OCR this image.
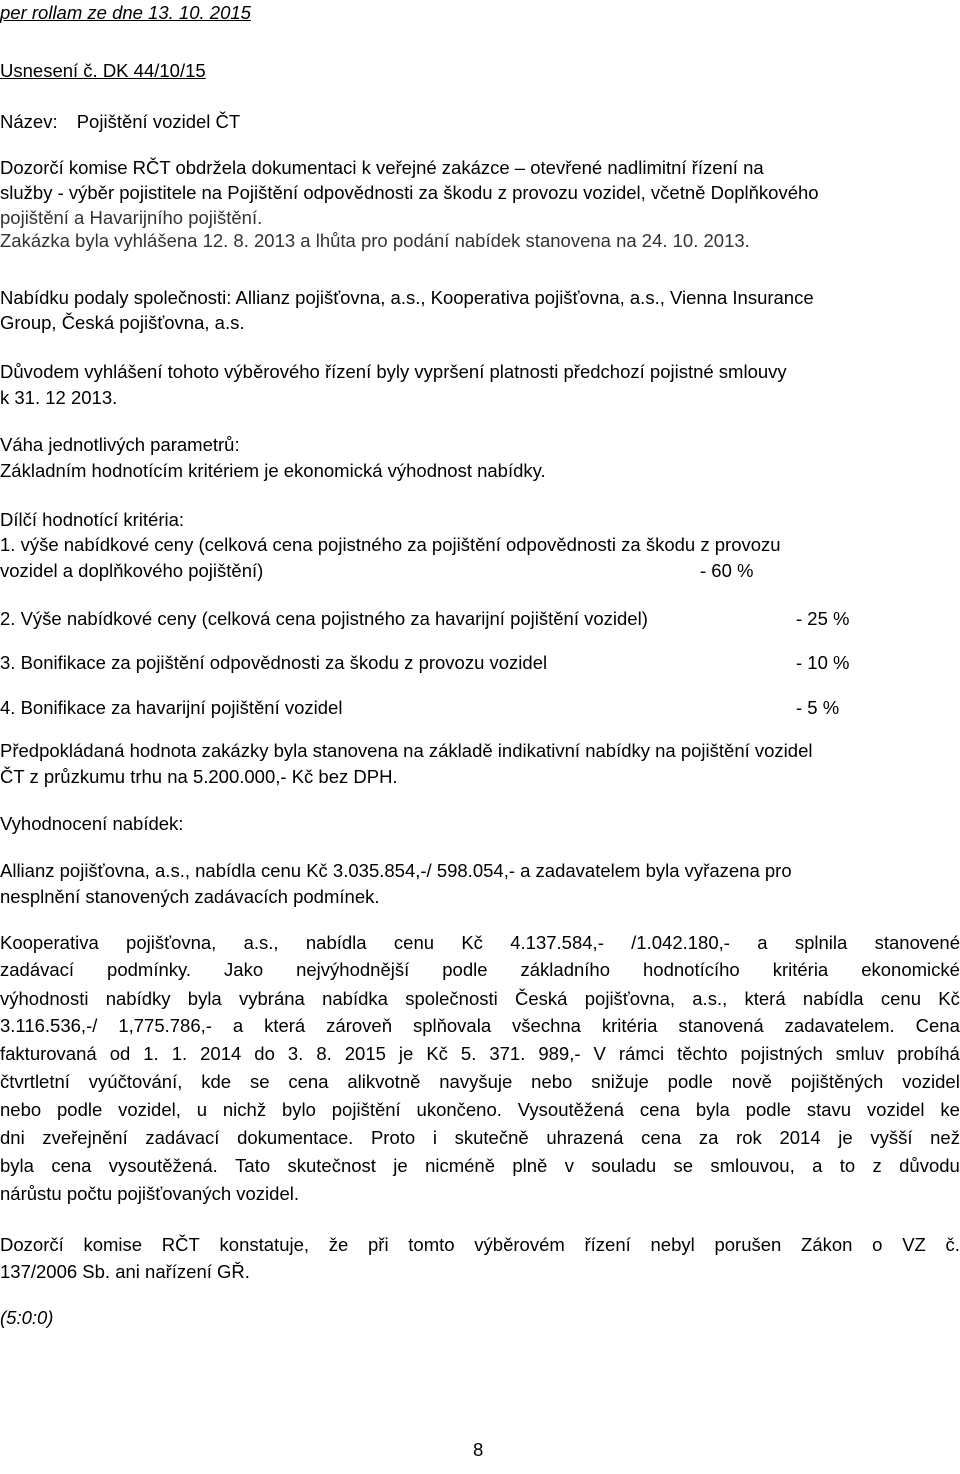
per rollam ze dne 13. 10. 2015
Usnesení č. DK 44/10/15
Název: Pojištění vozidel ČT
Dozorčí komise RČT obdržela dokumentaci k veřejné zakázce – otevřené nadlimitní řízení na
služby - výběr pojistitele na Pojištění odpovědnosti za škodu z provozu vozidel, včetně Doplňkového
pojištění a Havarijního pojištění.
Zakázka byla vyhlášena 12. 8. 2013 a lhůta pro podání nabídek stanovena na 24. 10. 2013.
Nabídku podaly společnosti: Allianz pojišťovna, a.s., Kooperativa pojišťovna, a.s., Vienna Insurance
Group, Česká pojišťovna, a.s.
Důvodem vyhlášení tohoto výběrového řízení byly vypršení platnosti předchozí pojistné smlouvy
k 31. 12 2013.
Váha jednotlivých parametrů:
Základním hodnotícím kritériem je ekonomická výhodnost nabídky.
Dílčí hodnotící kritéria:
1. výše nabídkové ceny (celková cena pojistného za pojištění odpovědnosti za škodu z provozu
vozidel a doplňkového pojištění)	- 60 %
2. Výše nabídkové ceny (celková cena pojistného za havarijní pojištění vozidel)	- 25 %
3. Bonifikace za pojištění odpovědnosti za škodu z provozu vozidel	- 10 %
4. Bonifikace za havarijní pojištění vozidel	- 5 %
Předpokládaná hodnota zakázky byla stanovena na základě indikativní nabídky na pojištění vozidel
ČT z průzkumu trhu na 5.200.000,- Kč bez DPH.
Vyhodnocení nabídek:
Allianz pojišťovna, a.s., nabídla cenu Kč 3.035.854,-/ 598.054,- a zadavatelem byla vyřazena pro
nesplnění stanovených zadávacích podmínek.
Kooperativa pojišťovna, a.s., nabídla cenu Kč 4.137.584,- /1.042.180,- a splnila stanovené
zadávací podmínky. Jako nejvýhodnější podle základního hodnotícího kritéria ekonomické
výhodnosti nabídky byla vybrána nabídka společnosti Česká pojišťovna, a.s., která nabídla cenu Kč
3.116.536,-/ 1,775.786,- a která zároveň splňovala všechna kritéria stanovená zadavatelem. Cena
fakturovaná od 1. 1. 2014 do 3. 8. 2015 je Kč 5. 371. 989,- V rámci těchto pojistných smluv probíhá
čtvrtletní vyúčtování, kde se cena alikvotně navyšuje nebo snižuje podle nově pojištěných vozidel
nebo podle vozidel, u nichž bylo pojištění ukončeno. Vysoutěžená cena byla podle stavu vozidel ke
dni zveřejnění zadávací dokumentace. Proto i skutečně uhrazená cena za rok 2014 je vyšší než
byla cena vysoutěžená. Tato skutečnost je nicméně plně v souladu se smlouvou, a to z důvodu
nárůstu počtu pojišťovaných vozidel.
Dozorčí komise RČT konstatuje, že při tomto výběrovém řízení nebyl porušen Zákon o VZ č.
137/2006 Sb. ani nařízení GŘ.
(5:0:0)
8
